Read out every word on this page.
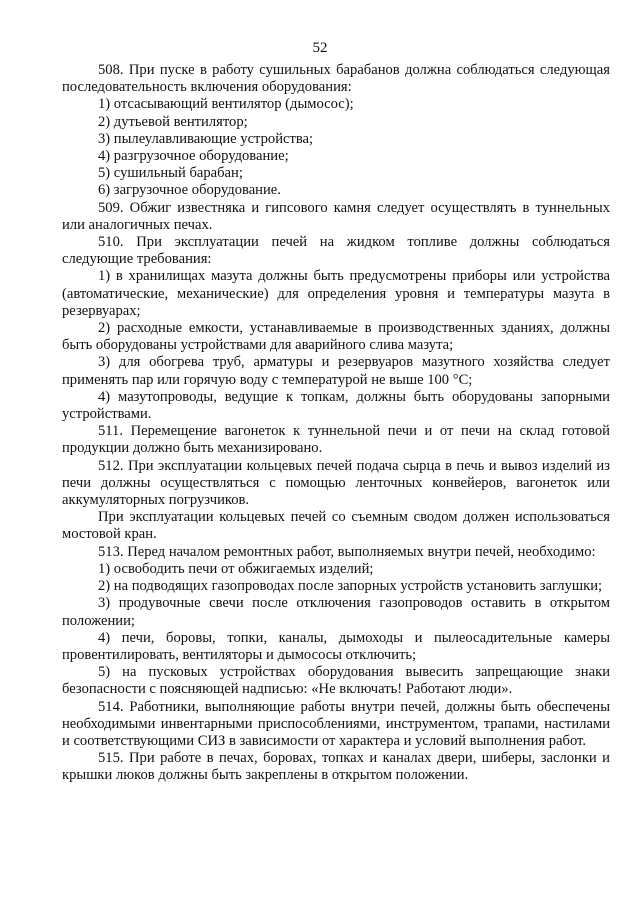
52

508. При пуске в работу сушильных барабанов должна соблюдаться следующая последовательность включения оборудования:

1) отсасывающий вентилятор (дымосос);

2) дутьевой вентилятор;

3) пылеулавливающие устройства;

4) разгрузочное оборудование;

5) сушильный барабан;

6) загрузочное оборудование.

509. Обжиг известняка и гипсового камня следует осуществлять в туннельных или аналогичных печах.

510. При эксплуатации печей на жидком топливе должны соблюдаться следующие требования:

1) в хранилищах мазута должны быть предусмотрены приборы или устройства (автоматические, механические) для определения уровня и температуры мазута в резервуарах;

2) расходные емкости, устанавливаемые в производственных зданиях, должны быть оборудованы устройствами для аварийного слива мазута;

3) для обогрева труб, арматуры и резервуаров мазутного хозяйства следует применять пар или горячую воду с температурой не выше 100 °С;

4) мазутопроводы, ведущие к топкам, должны быть оборудованы запорными устройствами.

511. Перемещение вагонеток к туннельной печи и от печи на склад готовой продукции должно быть механизировано.

512. При эксплуатации кольцевых печей подача сырца в печь и вывоз изделий из печи должны осуществляться с помощью ленточных конвейеров, вагонеток или аккумуляторных погрузчиков.

При эксплуатации кольцевых печей со съемным сводом должен использоваться мостовой кран.

513. Перед началом ремонтных работ, выполняемых внутри печей, необходимо:

1) освободить печи от обжигаемых изделий;

2) на подводящих газопроводах после запорных устройств установить заглушки;

3) продувочные свечи после отключения газопроводов оставить в открытом положении;

4) печи, боровы, топки, каналы, дымоходы и пылеосадительные камеры провентилировать, вентиляторы и дымососы отключить;

5) на пусковых устройствах оборудования вывесить запрещающие знаки безопасности с поясняющей надписью: «Не включать! Работают люди».

514. Работники, выполняющие работы внутри печей, должны быть обеспечены необходимыми инвентарными приспособлениями, инструментом, трапами, настилами и соответствующими СИЗ в зависимости от характера и условий выполнения работ.

515. При работе в печах, боровах, топках и каналах двери, шиберы, заслонки и крышки люков должны быть закреплены в открытом положении.
